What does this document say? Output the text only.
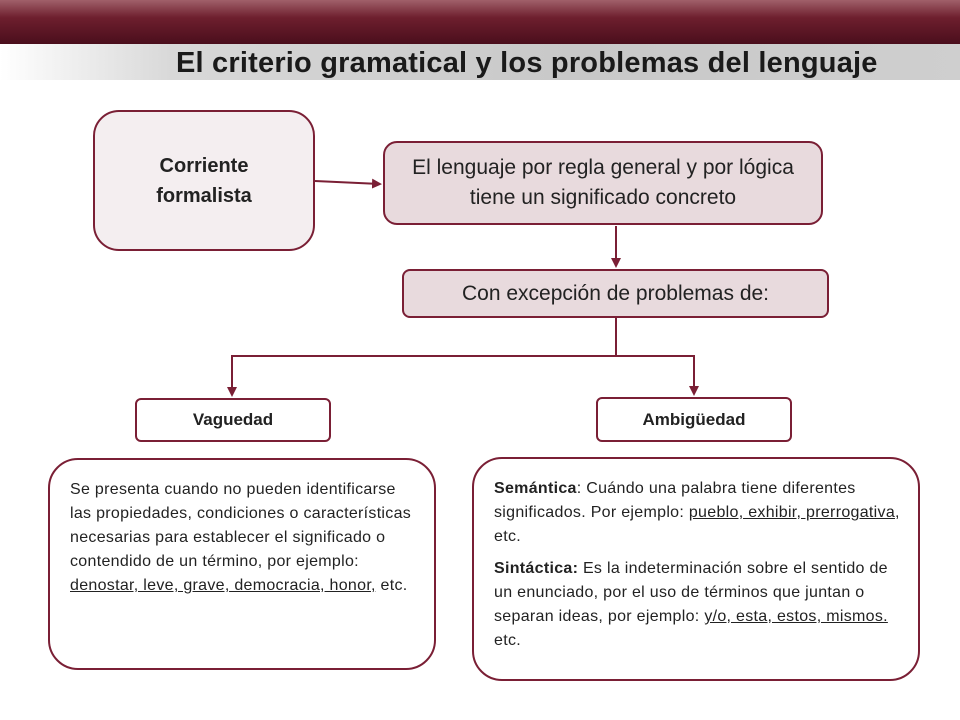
El criterio gramatical y los problemas del lenguaje
Corriente formalista
El lenguaje por regla general y por lógica tiene un significado concreto
Con excepción de problemas de:
Vaguedad	Ambigüedad
Se presenta cuando no pueden identificarse las propiedades, condiciones o características necesarias para establecer el significado o contendido de un término, por ejemplo: denostar, leve, grave, democracia, honor, etc.
Semántica: Cuándo una palabra tiene diferentes significados. Por ejemplo: pueblo, exhibir, prerrogativa, etc.
Sintáctica: Es la indeterminación sobre el sentido de un enunciado, por el uso de términos que juntan o separan ideas, por ejemplo: y/o, esta, estos, mismos. etc.
